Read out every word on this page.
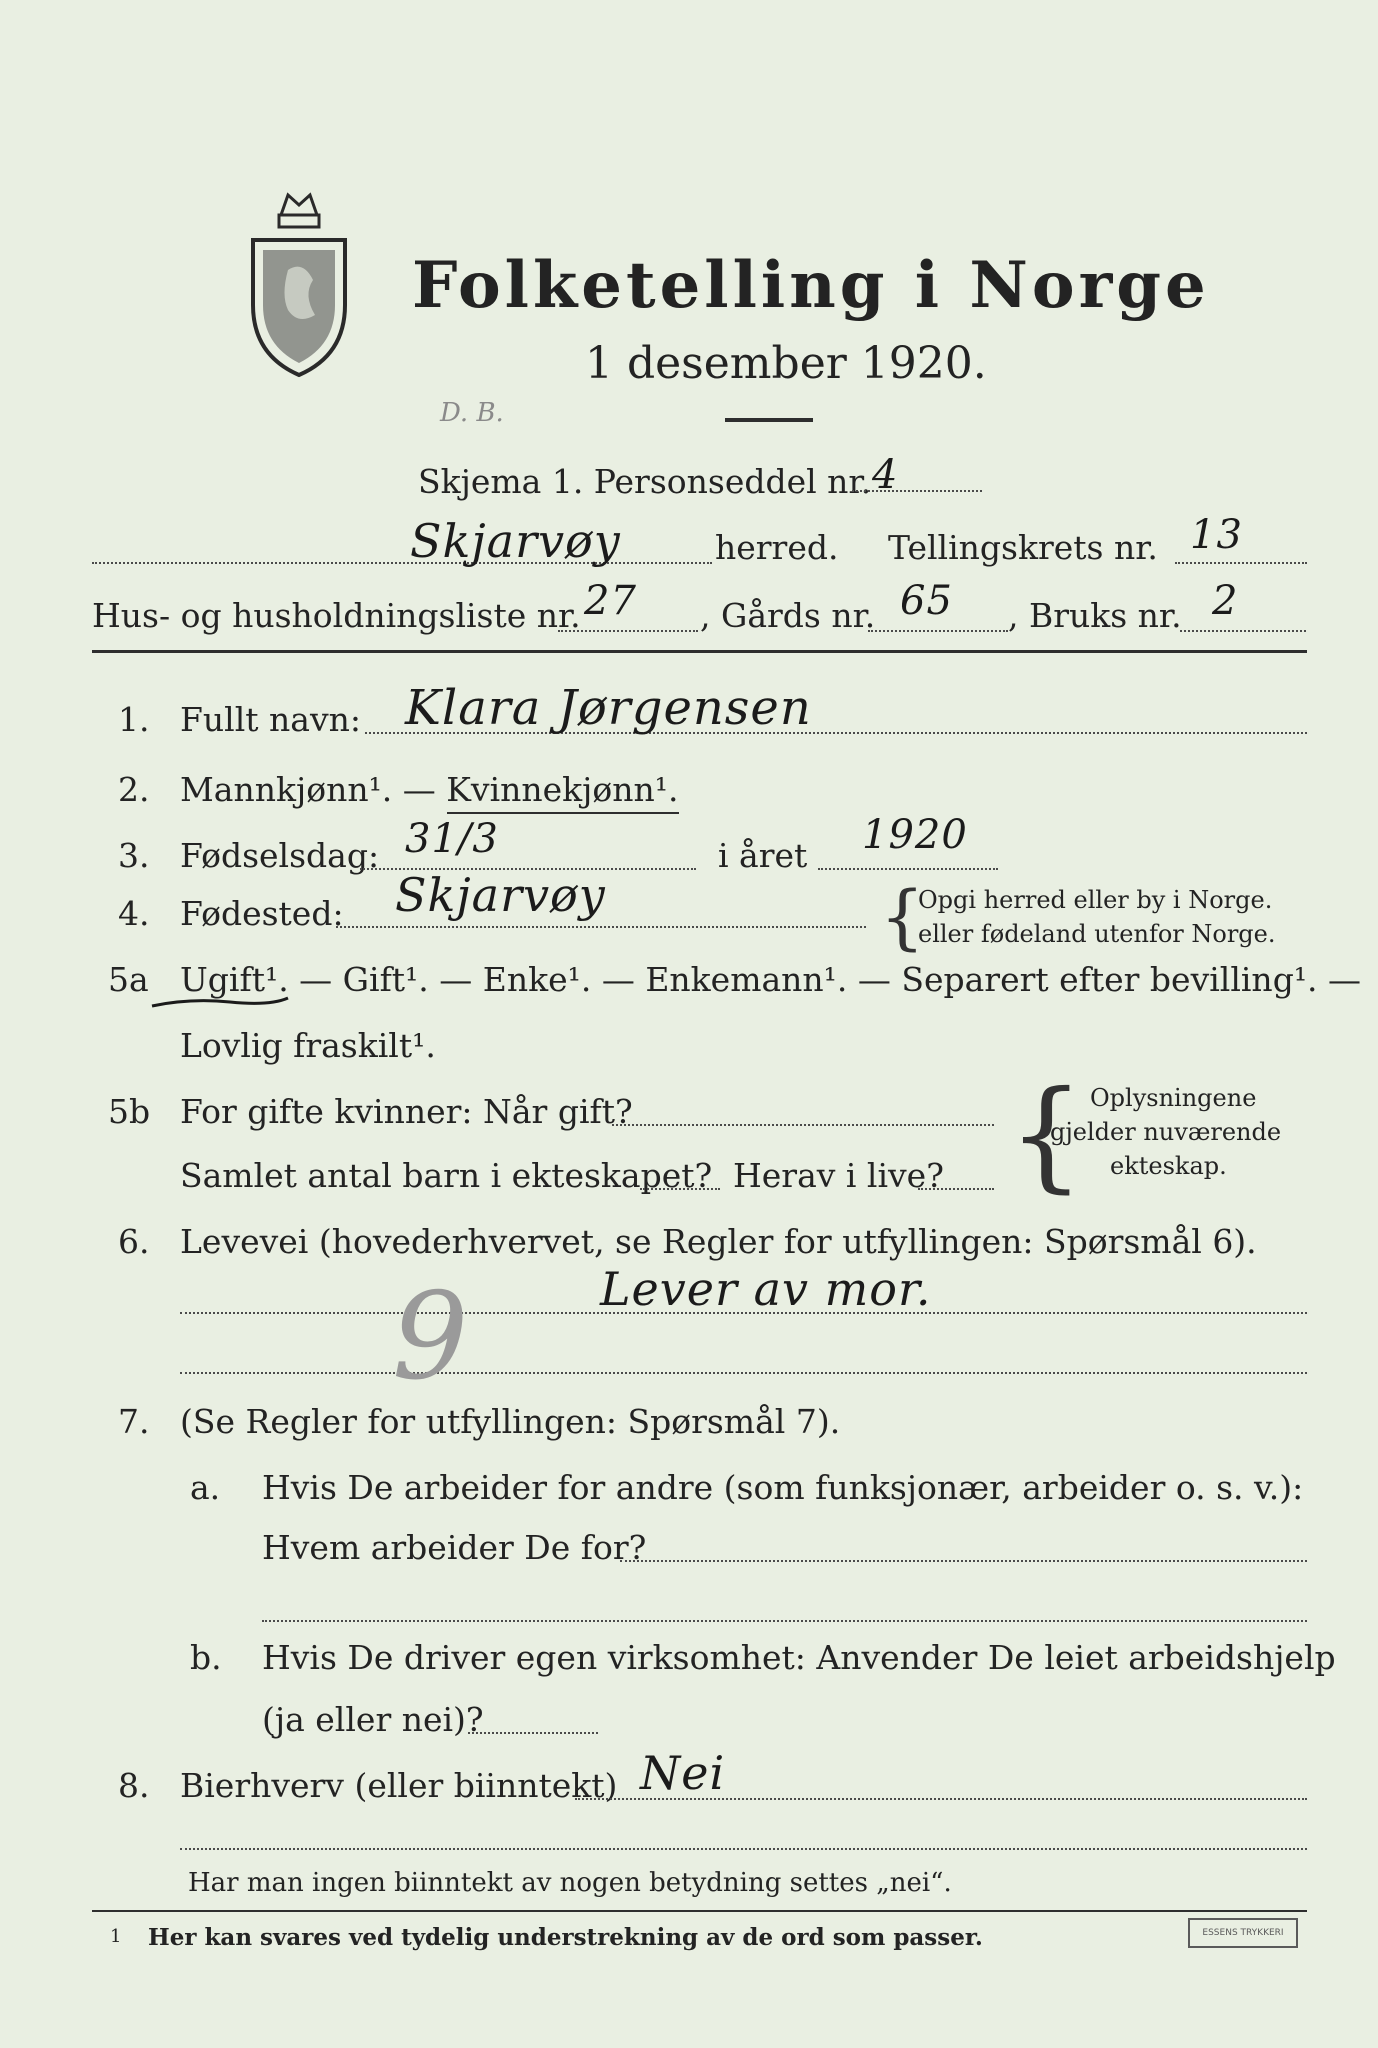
Folketelling i Norge
1 desember 1920.
D. B.
Skjema 1. Personseddel nr. 4
Skjarvøy	herred. Tellingskrets nr. 13
Hus- og husholdningsliste nr. 27 , Gårds nr. 65 , Bruks nr. 2
1. Fullt navn: Klara Jørgensen
2. Mannkjønn¹. — Kvinnekjønn¹.
3. Fødselsdag: 31/3	i året 1920
4. Fødested: Skjarvøy	{
Opgi herred eller by i Norge.
eller fødeland utenfor Norge.
5a Ugift¹. — Gift¹. — Enke¹. — Enkemann¹. — Separert efter bevilling¹. —
Lovlig fraskilt¹.
5b For gifte kvinner: Når gift?
Samlet antal barn i ekteskapet? Herav i live? { Oplysningene
gjelder nuværende
ekteskap.
6. Levevei (hovederhvervet, se Regler for utfyllingen: Spørsmål 6).
Lever av mor.
9
7. (Se Regler for utfyllingen: Spørsmål 7).
a. Hvis De arbeider for andre (som funksjonær, arbeider o. s. v.):
Hvem arbeider De for?
b. Hvis De driver egen virksomhet: Anvender De leiet arbeidshjelp
(ja eller nei)?
8. Bierhverv (eller biinntekt) Nei
Har man ingen biinntekt av nogen betydning settes „nei“.
1 Her kan svares ved tydelig understrekning av de ord som passer.	ESSENS TRYKKERI
